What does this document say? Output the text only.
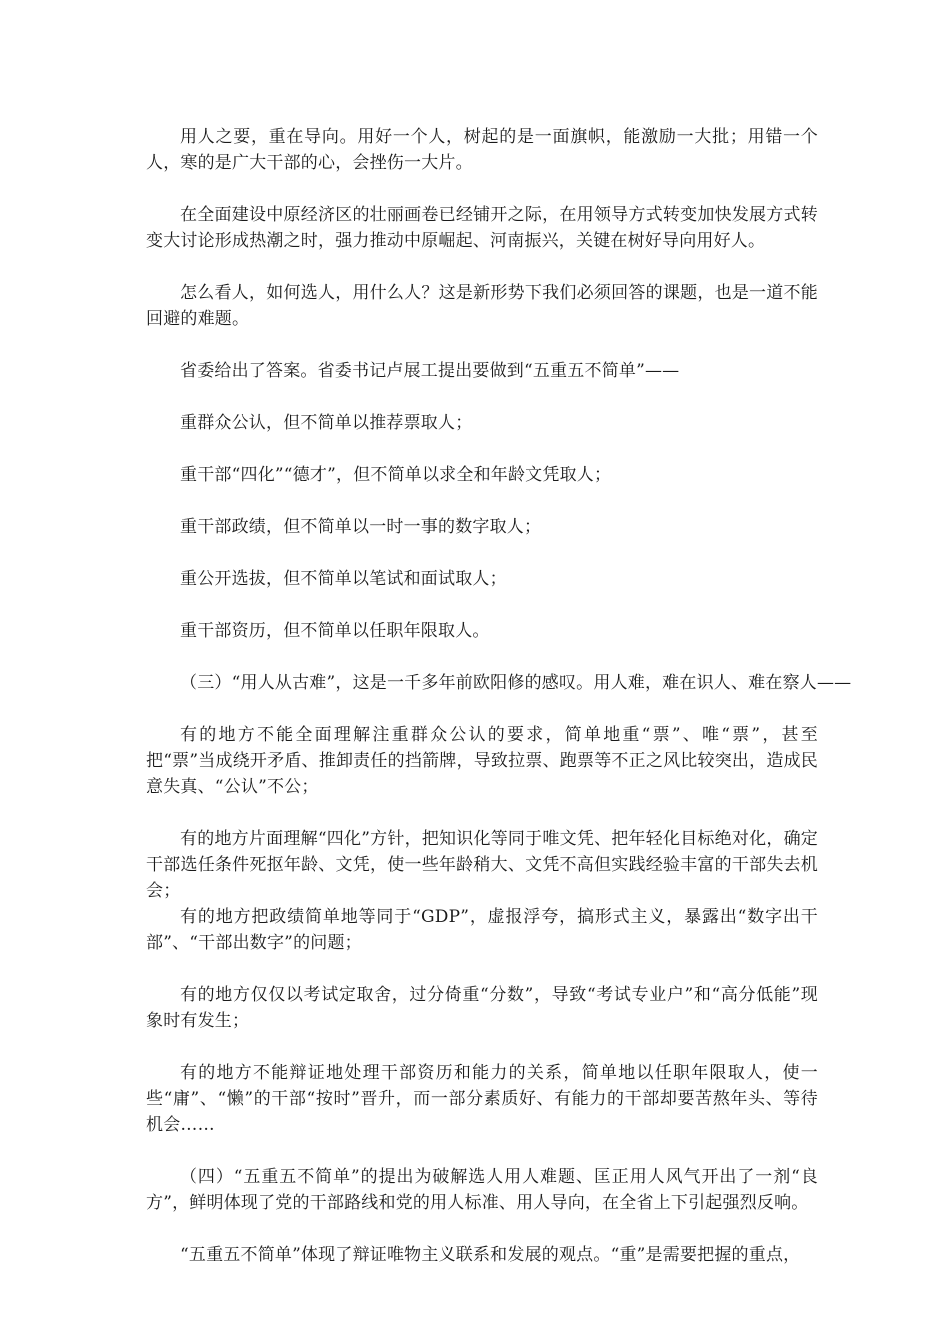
用人之要，重在导向。用好一个人，树起的是一面旗帜，能激励一大批；用错一个人，寒的是广大干部的心，会挫伤一大片。

在全面建设中原经济区的壮丽画卷已经铺开之际，在用领导方式转变加快发展方式转变大讨论形成热潮之时，强力推动中原崛起、河南振兴，关键在树好导向用好人。

怎么看人，如何选人，用什么人？这是新形势下我们必须回答的课题，也是一道不能回避的难题。

省委给出了答案。省委书记卢展工提出要做到“五重五不简单”——

重群众公认，但不简单以推荐票取人；

重干部“四化”“德才”，但不简单以求全和年龄文凭取人；

重干部政绩，但不简单以一时一事的数字取人；

重公开选拔，但不简单以笔试和面试取人；

重干部资历，但不简单以任职年限取人。

（三）“用人从古难”，这是一千多年前欧阳修的感叹。用人难，难在识人、难在察人——

有的地方不能全面理解注重群众公认的要求，简单地重“票”、唯“票”，甚至把“票”当成绕开矛盾、推卸责任的挡箭牌，导致拉票、跑票等不正之风比较突出，造成民意失真、“公认”不公；

有的地方片面理解“四化”方针，把知识化等同于唯文凭、把年轻化目标绝对化，确定干部选任条件死抠年龄、文凭，使一些年龄稍大、文凭不高但实践经验丰富的干部失去机会；

有的地方把政绩简单地等同于“GDP”，虚报浮夸，搞形式主义，暴露出“数字出干部”、“干部出数字”的问题；

有的地方仅仅以考试定取舍，过分倚重“分数”，导致“考试专业户”和“高分低能”现象时有发生；

有的地方不能辩证地处理干部资历和能力的关系，简单地以任职年限取人，使一些“庸”、“懒”的干部“按时”晋升，而一部分素质好、有能力的干部却要苦熬年头、等待机会……

（四）“五重五不简单”的提出为破解选人用人难题、匡正用人风气开出了一剂“良方”，鲜明体现了党的干部路线和党的用人标准、用人导向，在全省上下引起强烈反响。

“五重五不简单”体现了辩证唯物主义联系和发展的观点。“重”是需要把握的重点，
